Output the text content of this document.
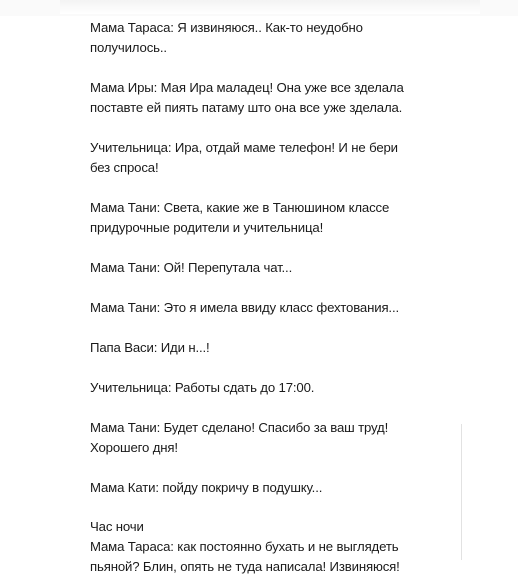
Мама Тараса: Я извиняюся.. Как-то неудобно
получилось..

Мама Иры: Мая Ира маладец! Она уже все зделала
поставте ей пиять патаму што она все уже зделала.

Учительница: Ира, отдай маме телефон! И не бери
без спроса!

Мама Тани: Света, какие же в Танюшином классе
придурочные родители и учительница!

Мама Тани: Ой! Перепутала чат...

Мама Тани: Это я имела ввиду класс фехтования...

Папа Васи: Иди н...!

Учительница: Работы сдать до 17:00.

Мама Тани: Будет сделано! Спасибо за ваш труд!
Хорошего дня!

Мама Кати: пойду покричу в подушку...

Час ночи
Мама Тараса: как постоянно бухать и не выглядеть
пьяной? Блин, опять не туда написала! Извиняюся!
